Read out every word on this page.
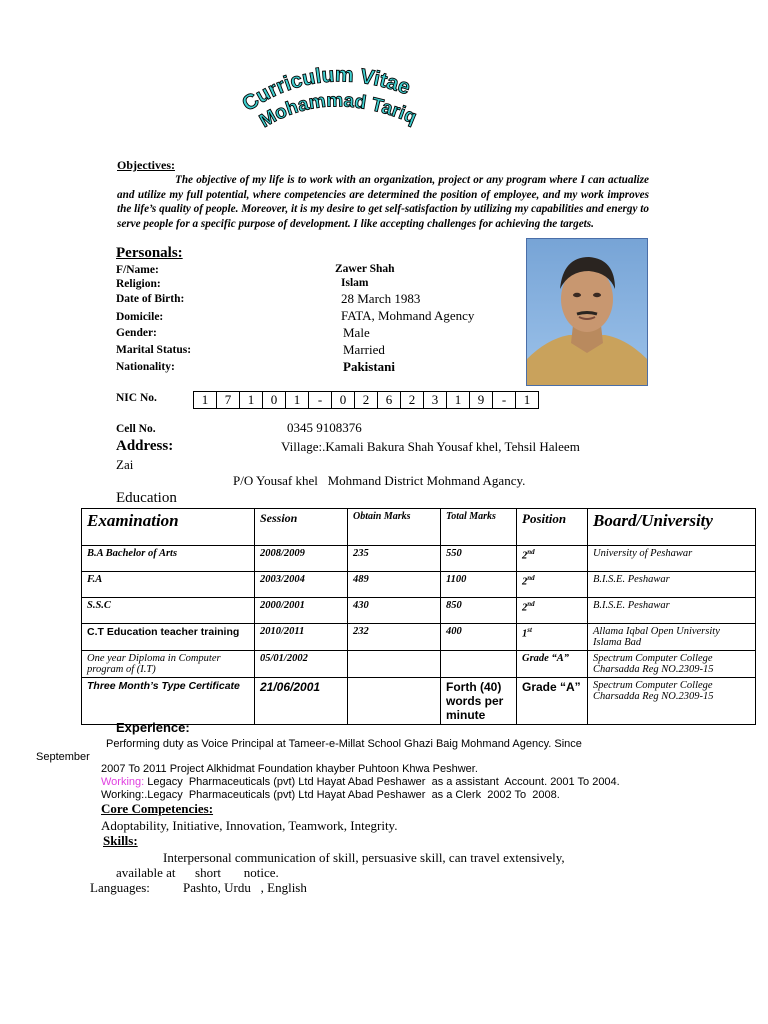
Curriculum Vitae
Mohammad Tariq
Objectives:
The objective of my life is to work with an organization, project or any program where I can actualize and utilize my full potential, where competencies are determined the position of employee, and my work improves the life’s quality of people. Moreover, it is my desire to get self-satisfaction by utilizing my capabilities and energy to serve people for a specific purpose of development. I like accepting challenges for achieving the targets.
Personals:
F/Name:	Zawer Shah
Religion:	Islam
Date of Birth:	28 March 1983
Domicile:	FATA, Mohmand Agency
Gender:	Male
Marital Status:	Married
Nationality:	Pakistani
NIC No.	1	7	1	0	1	-	0	2	6	2	3	1	9	-	1
Cell No.	0345 9108376
Address:	Village:.Kamali Bakura Shah Yousaf khel, Tehsil Haleem
Zai
P/O Yousaf khel   Mohmand District Mohmand Agancy.
Education
Examination	Session	Obtain Marks	Total Marks	Position	Board/University
B.A Bachelor of Arts	2008/2009	235	550	2nd	University of Peshawar
F.A	2003/2004	489	1100	2nd	B.I.S.E. Peshawar
S.S.C	2000/2001	430	850	2nd	B.I.S.E. Peshawar
C.T Education teacher training	2010/2011	232	400	1st	Allama Iqbal Open University Islama Bad
One year Diploma in Computer program of (I.T)	05/01/2002			Grade “A”	Spectrum Computer College Charsadda Reg NO.2309-15
Three Month’s Type Certificate	21/06/2001		Forth (40) words per minute	Grade “A”	Spectrum Computer College Charsadda Reg NO.2309-15
Experience:
Performing duty as Voice Principal at Tameer-e-Millat School Ghazi Baig Mohmand Agency. Since
September
2007 To 2011 Project Alkhidmat Foundation khayber Puhtoon Khwa Peshwer.
Working: Legacy  Pharmaceuticals (pvt) Ltd Hayat Abad Peshawer  as a assistant  Account. 2001 To 2004.
Working:.Legacy  Pharmaceuticals (pvt) Ltd Hayat Abad Peshawer  as a Clerk  2002 To  2008.
Core Competencies:
Adoptability, Initiative, Innovation, Teamwork, Integrity.
Skills:
Interpersonal communication of skill, persuasive skill, can travel extensively,
available at      short       notice.
Languages:	Pashto, Urdu   , English
